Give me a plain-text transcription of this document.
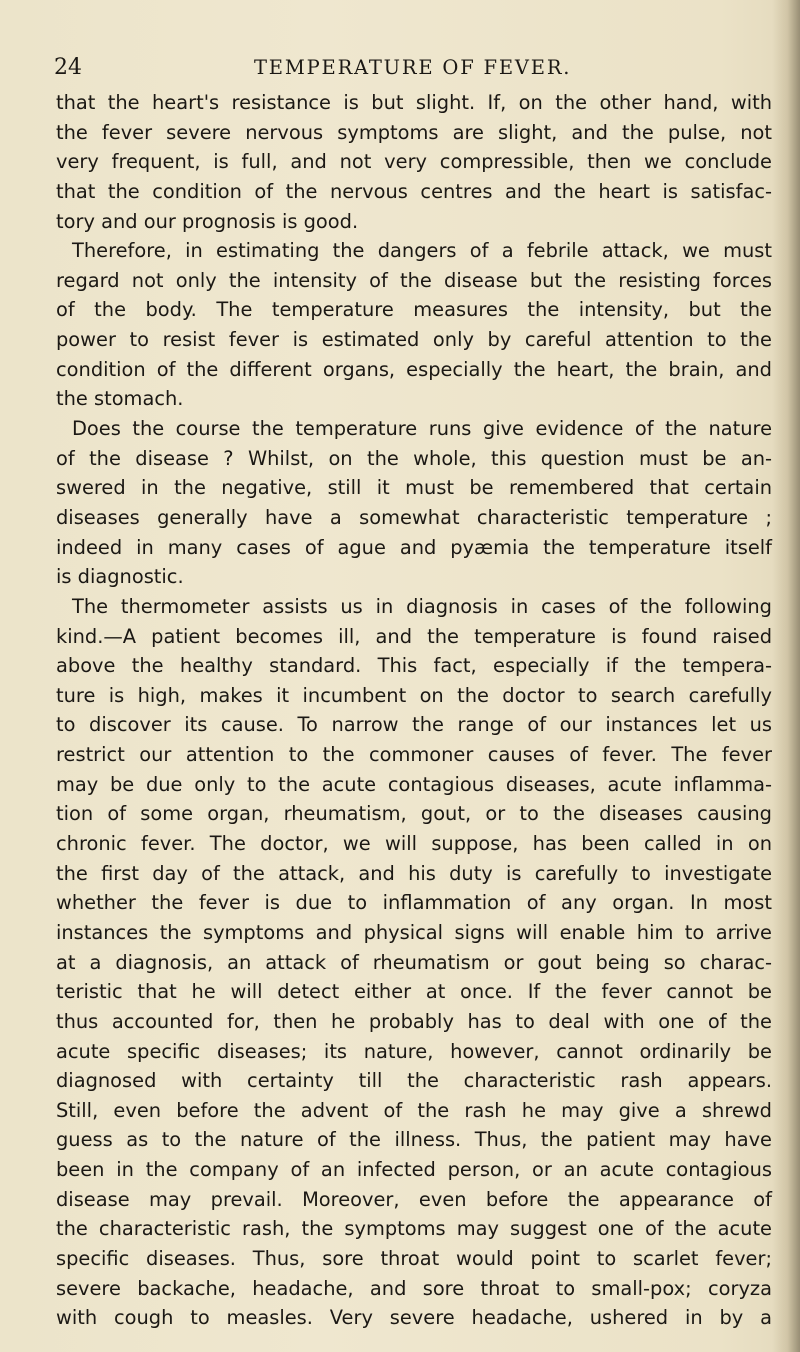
24	TEMPERATURE OF FEVER.
that the heart's resistance is but slight. If, on the other hand, with
the fever severe nervous symptoms are slight, and the pulse, not
very frequent, is full, and not very compressible, then we conclude
that the condition of the nervous centres and the heart is satisfac-
tory and our prognosis is good.
Therefore, in estimating the dangers of a febrile attack, we must
regard not only the intensity of the disease but the resisting forces
of the body. The temperature measures the intensity, but the
power to resist fever is estimated only by careful attention to the
condition of the different organs, especially the heart, the brain, and
the stomach.
Does the course the temperature runs give evidence of the nature
of the disease ? Whilst, on the whole, this question must be an-
swered in the negative, still it must be remembered that certain
diseases generally have a somewhat characteristic temperature ;
indeed in many cases of ague and pyæmia the temperature itself
is diagnostic.
The thermometer assists us in diagnosis in cases of the following
kind.—A patient becomes ill, and the temperature is found raised
above the healthy standard. This fact, especially if the tempera-
ture is high, makes it incumbent on the doctor to search carefully
to discover its cause. To narrow the range of our instances let us
restrict our attention to the commoner causes of fever. The fever
may be due only to the acute contagious diseases, acute inflamma-
tion of some organ, rheumatism, gout, or to the diseases causing
chronic fever. The doctor, we will suppose, has been called in on
the first day of the attack, and his duty is carefully to investigate
whether the fever is due to inflammation of any organ. In most
instances the symptoms and physical signs will enable him to arrive
at a diagnosis, an attack of rheumatism or gout being so charac-
teristic that he will detect either at once. If the fever cannot be
thus accounted for, then he probably has to deal with one of the
acute specific diseases; its nature, however, cannot ordinarily be
diagnosed with certainty till the characteristic rash appears.
Still, even before the advent of the rash he may give a shrewd
guess as to the nature of the illness. Thus, the patient may have
been in the company of an infected person, or an acute contagious
disease may prevail. Moreover, even before the appearance of
the characteristic rash, the symptoms may suggest one of the acute
specific diseases. Thus, sore throat would point to scarlet fever;
severe backache, headache, and sore throat to small-pox; coryza
with cough to measles. Very severe headache, ushered in by a
